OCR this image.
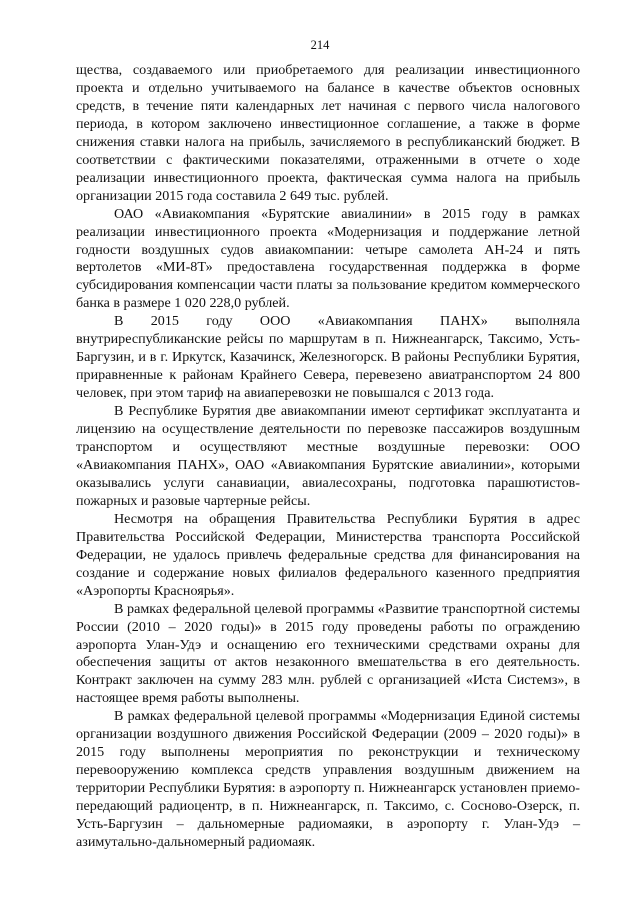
214

щества, создаваемого или приобретаемого для реализации инвестиционного проекта и отдельно учитываемого на балансе в качестве объектов основных средств, в течение пяти календарных лет начиная с первого числа налогового периода, в котором заключено инвестиционное соглашение, а также в форме снижения ставки налога на прибыль, зачисляемого в республиканский бюджет. В соответствии с фактическими показателями, отраженными в отчете о ходе реализации инвестиционного проекта, фактическая сумма налога на прибыль организации 2015 года составила 2 649 тыс. рублей.

ОАО «Авиакомпания «Бурятские авиалинии» в 2015 году в рамках реализации инвестиционного проекта «Модернизация и поддержание летной годности воздушных судов авиакомпании: четыре самолета АН-24 и пять вертолетов «МИ-8Т» предоставлена государственная поддержка в форме субсидирования компенсации части платы за пользование кредитом коммерческого банка в размере 1 020 228,0 рублей.

В 2015 году ООО «Авиакомпания ПАНХ» выполняла внутриреспубликанские рейсы по маршрутам в п. Нижнеангарск, Таксимо, Усть-Баргузин, и в г. Иркутск, Казачинск, Железногорск. В районы Республики Бурятия, приравненные к районам Крайнего Севера, перевезено авиатранспортом 24 800 человек, при этом тариф на авиаперевозки не повышался с 2013 года.

В Республике Бурятия две авиакомпании имеют сертификат эксплуатанта и лицензию на осуществление деятельности по перевозке пассажиров воздушным транспортом и осуществляют местные воздушные перевозки: ООО «Авиакомпания ПАНХ», ОАО «Авиакомпания Бурятские авиалинии», которыми оказывались услуги санавиации, авиалесохраны, подготовка парашютистов-пожарных и разовые чартерные рейсы.

Несмотря на обращения Правительства Республики Бурятия в адрес Правительства Российской Федерации, Министерства транспорта Российской Федерации, не удалось привлечь федеральные средства для финансирования на создание и содержание новых филиалов федерального казенного предприятия «Аэропорты Красноярья».

В рамках федеральной целевой программы «Развитие транспортной системы России (2010 – 2020 годы)» в 2015 году проведены работы по ограждению аэропорта Улан-Удэ и оснащению его техническими средствами охраны для обеспечения защиты от актов незаконного вмешательства в его деятельность. Контракт заключен на сумму 283 млн. рублей с организацией «Иста Системз», в настоящее время работы выполнены.

В рамках федеральной целевой программы «Модернизация Единой системы организации воздушного движения Российской Федерации (2009 – 2020 годы)» в 2015 году выполнены мероприятия по реконструкции и техническому перевооружению комплекса средств управления воздушным движением на территории Республики Бурятия: в аэропорту п. Нижнеангарск установлен приемо-передающий радиоцентр, в п. Нижнеангарск, п. Таксимо, с. Сосново-Озерск, п. Усть-Баргузин – дальномерные радиомаяки, в аэропорту г. Улан-Удэ – азимутально-дальномерный радиомаяк.
